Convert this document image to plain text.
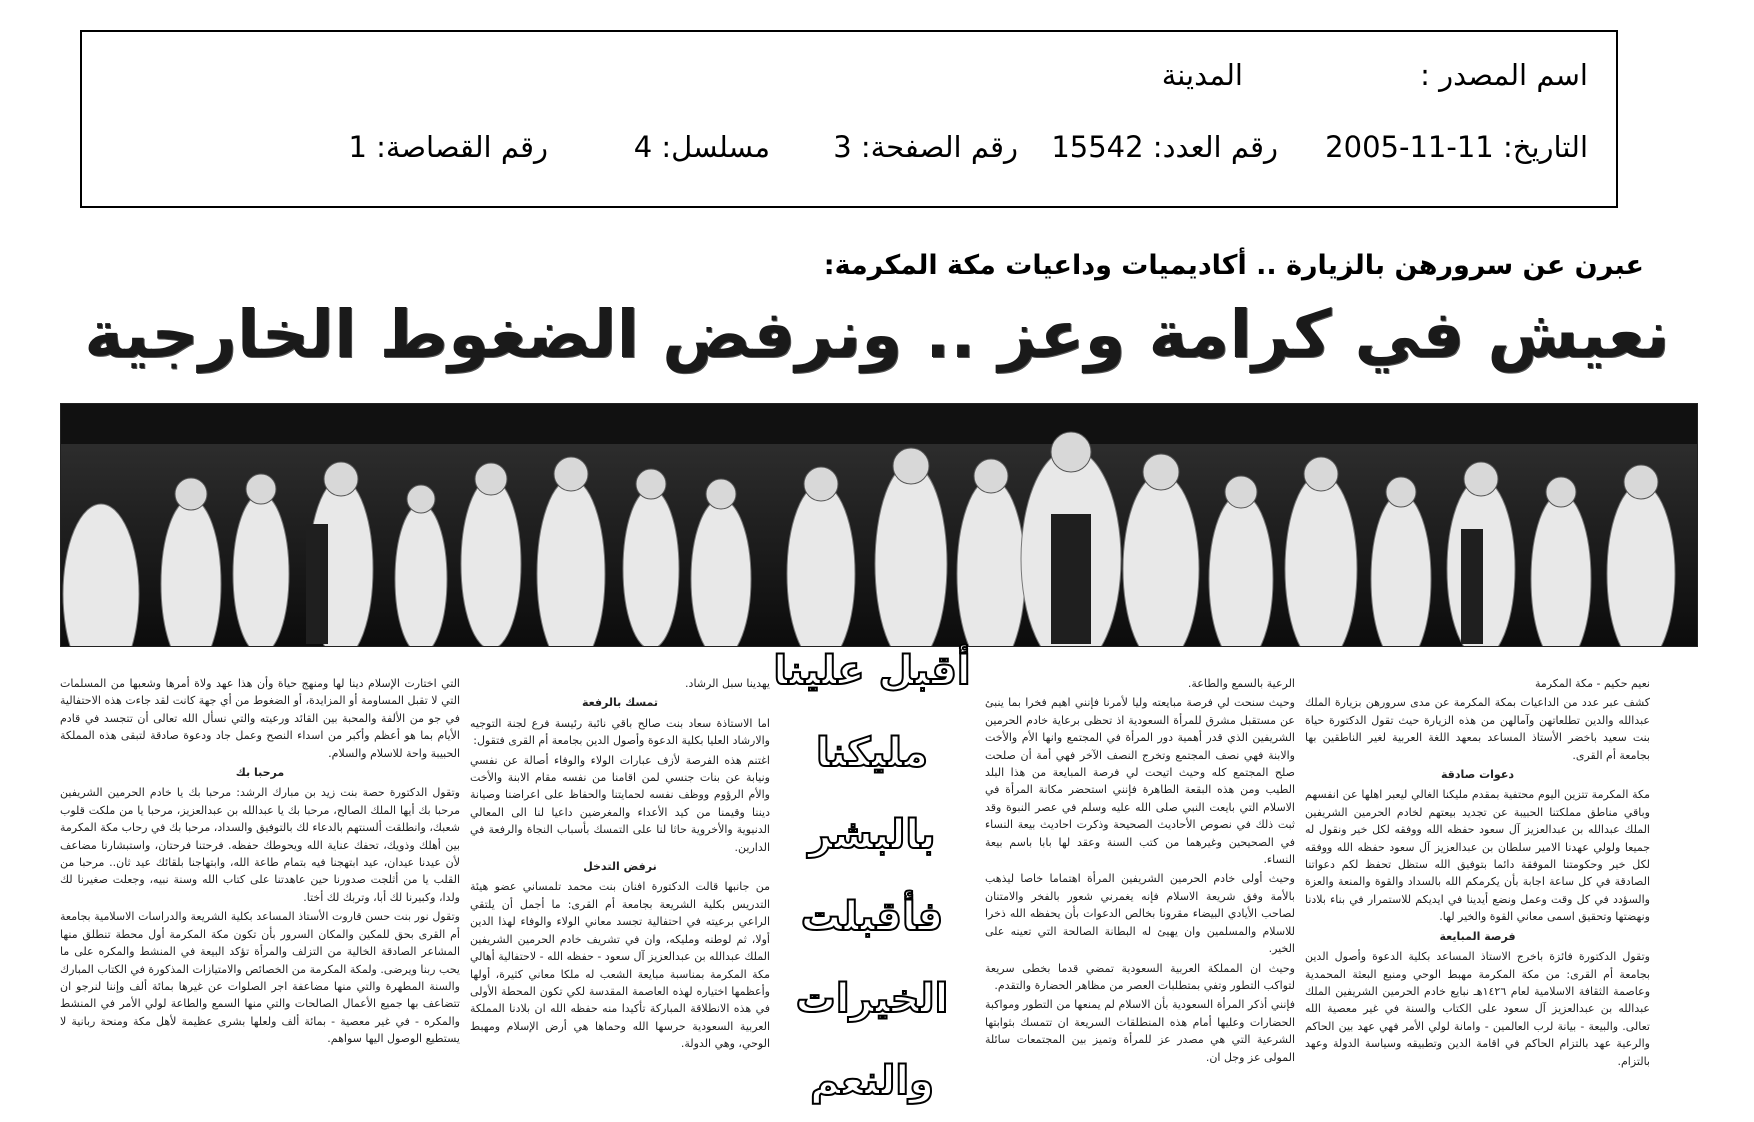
اسم المصدر :
المدينة
التاريخ: 11-11-2005
رقم العدد: 15542
رقم الصفحة: 3
مسلسل: 4
رقم القصاصة: 1
عبرن عن سرورهن بالزيارة .. أكاديميات وداعيات مكة المكرمة:
نعيش في كرامة وعز .. ونرفض الضغوط الخارجية
أقبل علينا
مليكنا بالبشر
فأقبلت
الخيرات والنعم

نعيم حكيم - مكة المكرمة

كشف عبر عدد من الداعيات بمكة المكرمة عن مدى سرورهن بزيارة الملك عبدالله والدين تطلعاتهن وآمالهن من هذه الزيارة حيث تقول الدكتورة حياة بنت سعيد باخضر الأستاذ المساعد بمعهد اللغة العربية لغير الناطقين بها بجامعة أم القرى.

دعوات صادقة

مكة المكرمة تتزين اليوم محتفية بمقدم مليكنا الغالي ليعبر اهلها عن انفسهم وباقي مناطق مملكتنا الحبيبة عن تجديد بيعتهم لخادم الحرمين الشريفين الملك عبدالله بن عبدالعزيز آل سعود حفظه الله ووفقه لكل خير ونقول له جميعا ولولي عهدنا الامير سلطان بن عبدالعزيز آل سعود حفظه الله ووفقه لكل خير وحكومتنا الموفقة دائما بتوفيق الله ستظل تحفظ لكم دعواتنا الصادقة في كل ساعة اجابة بأن يكرمكم الله بالسداد والقوة والمنعة والعزة والسؤدد في كل وقت وعمل ونضع أيدينا في ايديكم للاستمرار في بناء بلادنا ونهضتها وتحقيق اسمى معاني القوة والخير لها.

فرصة المبايعة

وتقول الدكتورة فائزة باخرج الاستاذ المساعد بكلية الدعوة وأصول الدين بجامعة أم القرى: من مكة المكرمة مهبط الوحي ومنبع البعثة المحمدية وعاصمة الثقافة الاسلامية لعام ١٤٢٦هـ نبايع خادم الحرمين الشريفين الملك عبدالله بن عبدالعزيز آل سعود على الكتاب والسنة في غير معصية الله تعالى. والبيعة - بيانة لرب العالمين - وامانة لولي الأمر فهي عهد بين الحاكم والرعية عهد بالتزام الحاكم في اقامة الدين وتطبيقه وسياسة الدولة وعهد بالتزام.

الرعية بالسمع والطاعة.

وحيث سنحت لي فرصة مبايعته وليا لأمرنا فإنني اهيم فخرا بما ينبئ عن مستقبل مشرق للمرأة السعودية اذ تحظى برعاية خادم الحرمين الشريفين الذي قدر أهمية دور المرأة في المجتمع وانها الأم والأخت والابنة فهي نصف المجتمع وتخرج النصف الآخر فهي أمة أن صلحت صلح المجتمع كله وحيث اتيحت لي فرصة المبايعة من هذا البلد الطيب ومن هذه البقعة الطاهرة فإنني استحضر مكانة المرأة في الاسلام التي بايعت النبي صلى الله عليه وسلم في عصر النبوة وقد ثبت ذلك في نصوص الأحاديث الصحيحة وذكرت احاديث بيعة النساء في الصحيحين وغيرهما من كتب السنة وعقد لها بابا باسم بيعة النساء.

وحيث أولى خادم الحرمين الشريفين المرأة اهتماما خاصا ليذهب بالأمة وفق شريعة الاسلام فإنه يغمرني شعور بالفخر والامتنان لصاحب الأيادي البيضاء مقرونا بخالص الدعوات بأن يحفظه الله ذخرا للاسلام والمسلمين وان يهيئ له البطانة الصالحة التي تعينه على الخير.

وحيث ان المملكة العربية السعودية تمضي قدما بخطى سريعة لتواكب التطور وتفي بمتطلبات العصر من مظاهر الحضارة والتقدم.

فإنني أذكر المرأة السعودية بأن الاسلام لم يمنعها من التطور ومواكبة الحضارات وعليها أمام هذه المنطلقات السريعة ان تتمسك بثوابتها الشرعية التي هي مصدر عز للمرأة وتميز بين المجتمعات سائلة المولى عز وجل ان.

يهدينا سبل الرشاد.

تمسك بالرفعة

اما الاستاذة سعاد بنت صالح باقي نائبة رئيسة فرع لجنة التوجيه والارشاد العليا بكلية الدعوة وأصول الدين بجامعة أم القرى فتقول:

اغتنم هذه الفرصة لأزف عبارات الولاء والوفاء أصالة عن نفسي ونيابة عن بنات جنسي لمن اقامنا من نفسه مقام الابنة والأخت والأم الرؤوم ووظف نفسه لحمايتنا والحفاظ على اعراضنا وصيانة ديننا وقيمنا من كيد الأعداء والمغرضين داعيا لنا الى المعالي الدنيوية والأخروية حاثا لنا على التمسك بأسباب النجاة والرفعة في الدارين.

نرفض التدخل

من جانبها قالت الدكتورة افنان بنت محمد تلمساني عضو هيئة التدريس بكلية الشريعة بجامعة أم القرى: ما أجمل أن يلتقي الراعي برعيته في احتفالية تجسد معاني الولاء والوفاء لهذا الدين أولا، ثم لوطنه ومليكه، وان في تشريف خادم الحرمين الشريفين الملك عبدالله بن عبدالعزيز آل سعود - حفظه الله - لاحتفالية أهالي مكة المكرمة بمناسبة مبايعة الشعب له ملكا معاني كثيرة، أولها وأعظمها اختياره لهذه العاصمة المقدسة لكي تكون المحطة الأولى في هذه الانطلاقة المباركة تأكيدا منه حفظه الله ان بلادنا المملكة العربية السعودية حرسها الله وحماها هي أرض الإسلام ومهبط الوحي، وهي الدولة.

التي اختارت الإسلام دينا لها ومنهج حياة وأن هذا عهد ولاة أمرها وشعبها من المسلمات التي لا تقبل المساومة أو المزايدة، أو الضغوط من أي جهة كانت لقد جاءت هذه الاحتفالية في جو من الألفة والمحبة بين القائد ورعيته والتي نسأل الله تعالى أن تتجسد في قادم الأيام بما هو أعظم وأكبر من اسداء النصح وعمل جاد ودعوة صادقة لتبقى هذه المملكة الحبيبة واحة للاسلام والسلام.

مرحبا بك

وتقول الدكتورة حصة بنت زيد بن مبارك الرشد: مرحبا بك يا خادم الحرمين الشريفين مرحبا بك أيها الملك الصالح، مرحبا بك يا عبدالله بن عبدالعزيز، مرحبا يا من ملكت قلوب شعبك، وانطلقت ألسنتهم بالدعاء لك بالتوفيق والسداد، مرحبا بك في رحاب مكة المكرمة بين أهلك وذويك، تحفك عناية الله ويحوطك حفظه. فرحتنا فرحتان، واستبشارنا مضاعف لأن عيدنا عيدان، عيد ابتهجنا فيه بتمام طاعة الله، وابتهاجنا بلقائك عيد ثان.. مرحبا من القلب يا من أثلجت صدورنا حين عاهدتنا على كتاب الله وسنة نبيه، وجعلت صغيرنا لك ولدا، وكبيرنا لك أبا، وتربك لك أختا.

وتقول نور بنت حسن قاروت الأستاذ المساعد بكلية الشريعة والدراسات الاسلامية بجامعة أم القرى بحق للمكين والمكان السرور بأن تكون مكة المكرمة أول محطة تنطلق منها المشاعر الصادقة الخالية من التزلف والمرأة تؤكد البيعة في المنشط والمكره على ما يحب ربنا ويرضى. ولمكة المكرمة من الخصائص والامتيازات المذكورة في الكتاب المبارك والسنة المطهرة والتي منها مضاعفة اجر الصلوات عن غيرها بمائة ألف وإننا لنرجو ان تتضاعف بها جميع الأعمال الصالحات والتي منها السمع والطاعة لولي الأمر في المنشط والمكره - في غير معصية - بمائة ألف ولعلها بشرى عظيمة لأهل مكة ومنحة ربانية لا يستطيع الوصول اليها سواهم.
